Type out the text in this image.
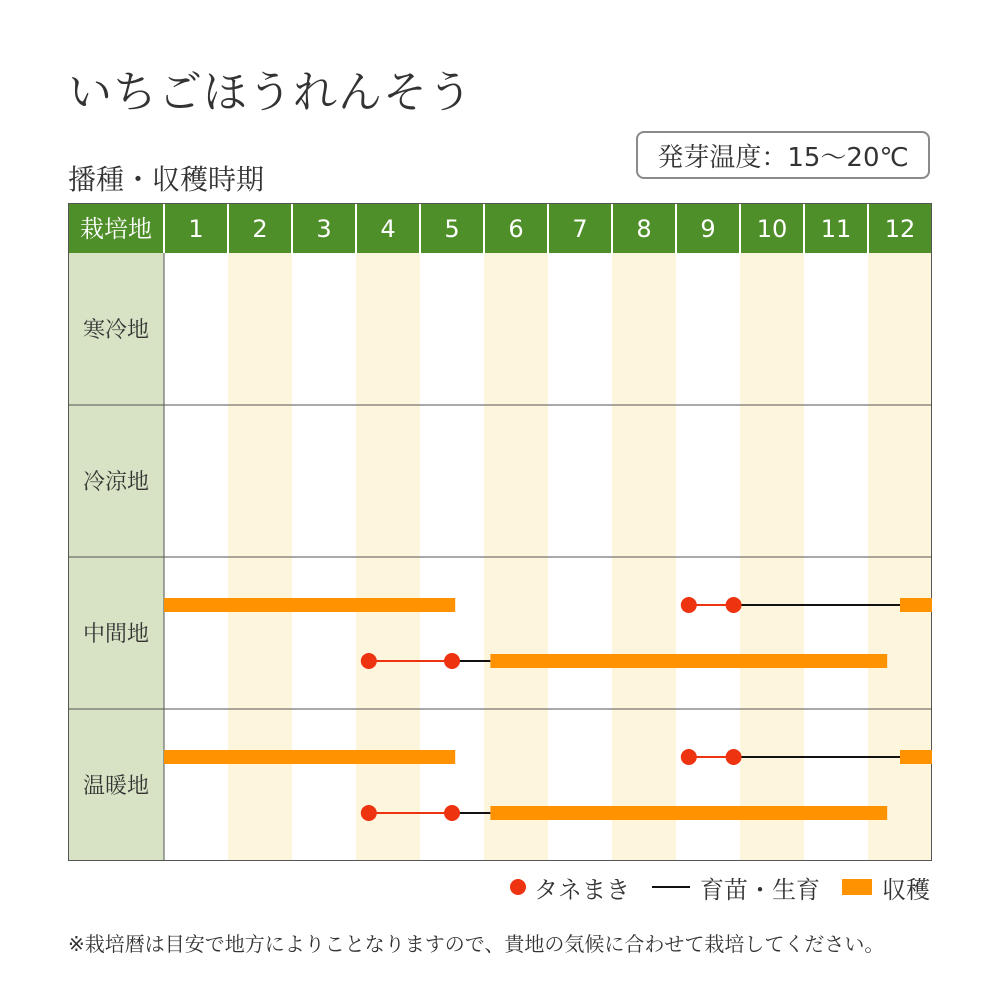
いちごほうれんそう
播種・収穫時期
発芽温度：15～20℃
栽培地 1 2 3 4 5 6 7 8 9 10 11 12
寒冷地
冷涼地
中間地
温暖地
タネまき	育苗・生育	収穫
※栽培暦は目安で地方によりことなりますので、貴地の気候に合わせて栽培してください。
